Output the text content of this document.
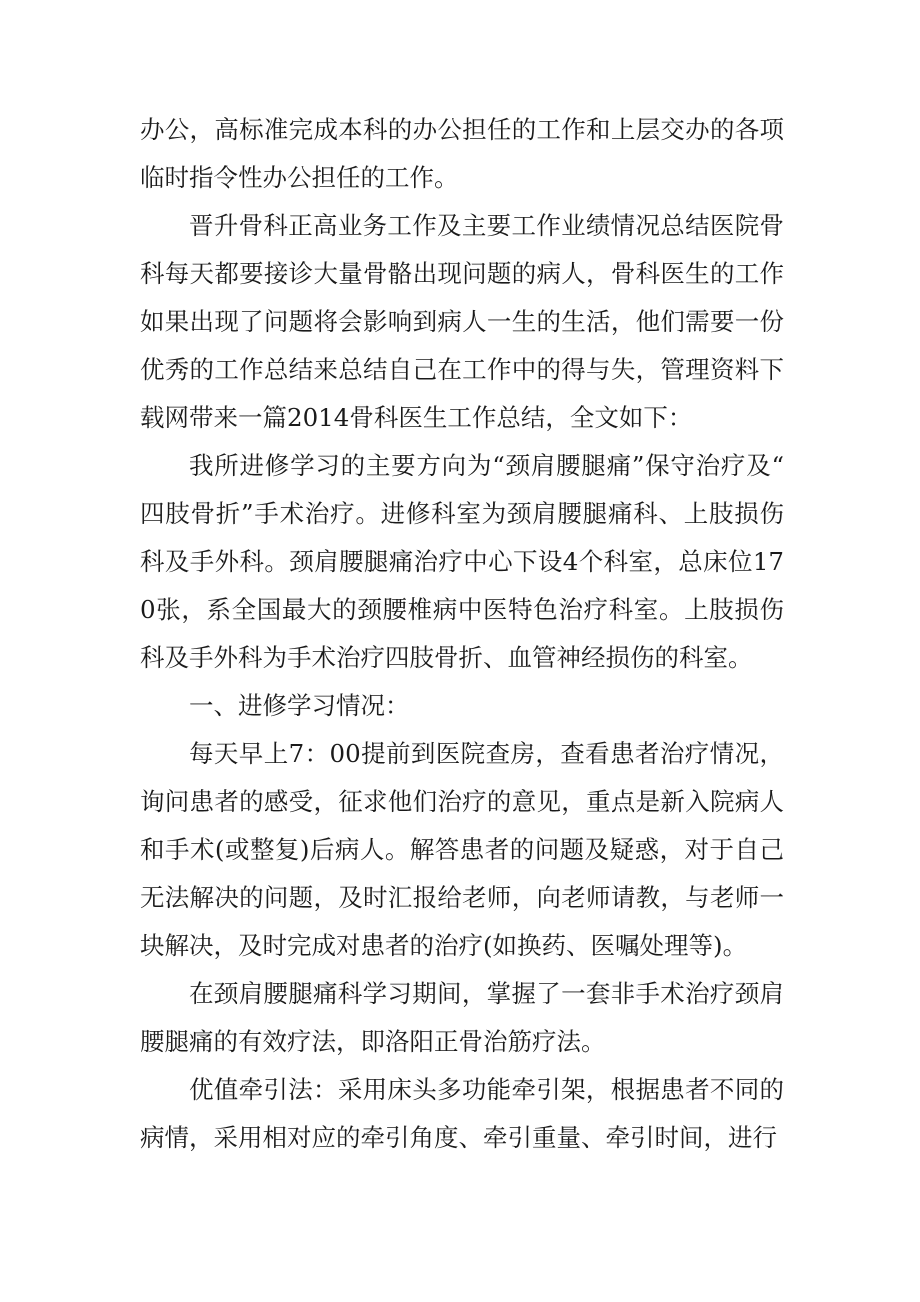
办公，高标准完成本科的办公担任的工作和上层交办的各项临时指令性办公担任的工作。

晋升骨科正高业务工作及主要工作业绩情况总结医院骨科每天都要接诊大量骨骼出现问题的病人，骨科医生的工作如果出现了问题将会影响到病人一生的生活，他们需要一份优秀的工作总结来总结自己在工作中的得与失，管理资料下载网带来一篇2014骨科医生工作总结，全文如下：

我所进修学习的主要方向为“颈肩腰腿痛”保守治疗及“四肢骨折”手术治疗。进修科室为颈肩腰腿痛科、上肢损伤科及手外科。颈肩腰腿痛治疗中心下设4个科室，总床位170张，系全国最大的颈腰椎病中医特色治疗科室。上肢损伤科及手外科为手术治疗四肢骨折、血管神经损伤的科室。

一、进修学习情况：

每天早上7：00提前到医院查房，查看患者治疗情况，询问患者的感受，征求他们治疗的意见，重点是新入院病人和手术(或整复)后病人。解答患者的问题及疑惑，对于自己无法解决的问题，及时汇报给老师，向老师请教，与老师一块解决，及时完成对患者的治疗(如换药、医嘱处理等)。

在颈肩腰腿痛科学习期间，掌握了一套非手术治疗颈肩腰腿痛的有效疗法，即洛阳正骨治筋疗法。

优值牵引法：采用床头多功能牵引架，根据患者不同的病情，采用相对应的牵引角度、牵引重量、牵引时间，进行
